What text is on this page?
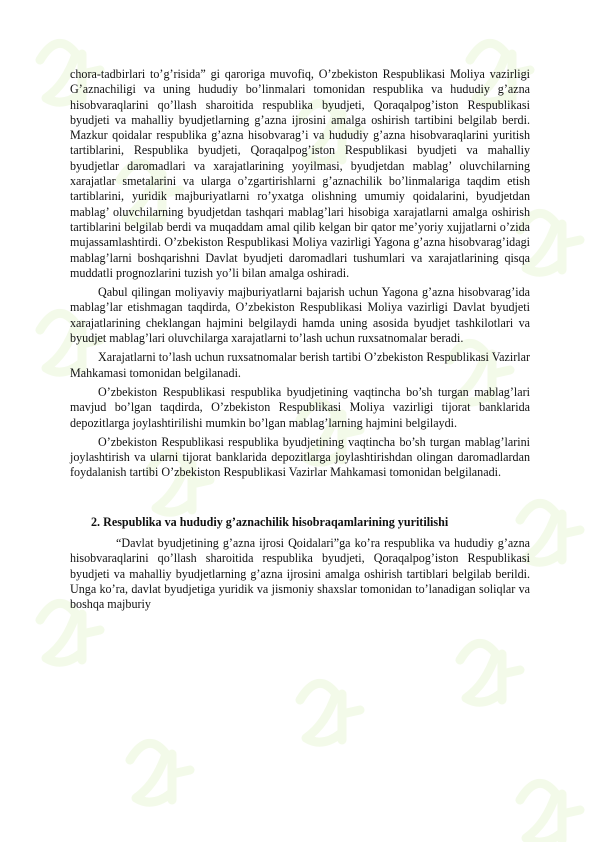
chora-tadbirlari to’g’risida” gi qaroriga muvofiq, O’zbekiston Respublikasi Moliya vazirligi G’aznachiligi va uning hududiy bo’linmalari tomonidan respublika va hududiy g’azna hisobvaraqlarini qo’llash sharoitida respublika byudjeti, Qoraqalpog’iston Respublikasi byudjeti va mahalliy byudjetlarning g’azna ijrosini amalga oshirish tartibini belgilab berdi. Mazkur qoidalar respublika g’azna hisobvarag’i va hududiy g’azna hisobvaraqlarini yuritish tartiblarini, Respublika byudjeti, Qoraqalpog’iston Respublikasi byudjeti va mahalliy byudjetlar daromadlari va xarajatlarining yoyilmasi, byudjetdan mablag’ oluvchilarning xarajatlar smetalarini va ularga o’zgartirishlarni g’aznachilik bo’linmalariga taqdim etish tartiblarini, yuridik majburiyatlarni ro’yxatga olishning umumiy qoidalarini, byudjetdan mablag’ oluvchilarning byudjetdan tashqari mablag’lari hisobiga xarajatlarni amalga oshirish tartiblarini belgilab berdi va muqaddam amal qilib kelgan bir qator me’yoriy xujjatlarni o’zida mujassamlashtirdi. O’zbekiston Respublikasi Moliya vazirligi Yagona g’azna hisobvarag’idagi mablag’larni boshqarishni Davlat byudjeti daromadlari tushumlari va xarajatlarining qisqa muddatli prognozlarini tuzish yo’li bilan amalga oshiradi.

Qabul qilingan moliyaviy majburiyatlarni bajarish uchun Yagona g’azna hisobvarag’ida mablag’lar etishmagan taqdirda, O’zbekiston Respublikasi Moliya vazirligi Davlat byudjeti xarajatlarining cheklangan hajmini belgilaydi hamda uning asosida byudjet tashkilotlari va byudjet mablag’lari oluvchilarga xarajatlarni to’lash uchun ruxsatnomalar beradi.

Xarajatlarni to’lash uchun ruxsatnomalar berish tartibi O’zbekiston Respublikasi Vazirlar Mahkamasi tomonidan belgilanadi.

O’zbekiston Respublikasi respublika byudjetining vaqtincha bo’sh turgan mablag’lari mavjud bo’lgan taqdirda, O’zbekiston Respublikasi Moliya vazirligi tijorat banklarida depozitlarga joylashtirilishi mumkin bo’lgan mablag’larning hajmini belgilaydi.

O’zbekiston Respublikasi respublika byudjetining vaqtincha bo’sh turgan mablag’larini joylashtirish va ularni tijorat banklarida depozitlarga joylashtirishdan olingan daromadlardan foydalanish tartibi O’zbekiston Respublikasi Vazirlar Mahkamasi tomonidan belgilanadi.

2. Respublika va hududiy g’aznachilik hisobraqamlarining yuritilishi

“Davlat byudjetining g’azna ijrosi Qoidalari”ga ko’ra respublika va hududiy g’azna hisobvaraqlarini qo’llash sharoitida respublika byudjeti, Qoraqalpog’iston Respublikasi byudjeti va mahalliy byudjetlarning g’azna ijrosini amalga oshirish tartiblari belgilab berildi. Unga ko’ra, davlat byudjetiga yuridik va jismoniy shaxslar tomonidan to’lanadigan soliqlar va boshqa majburiy
